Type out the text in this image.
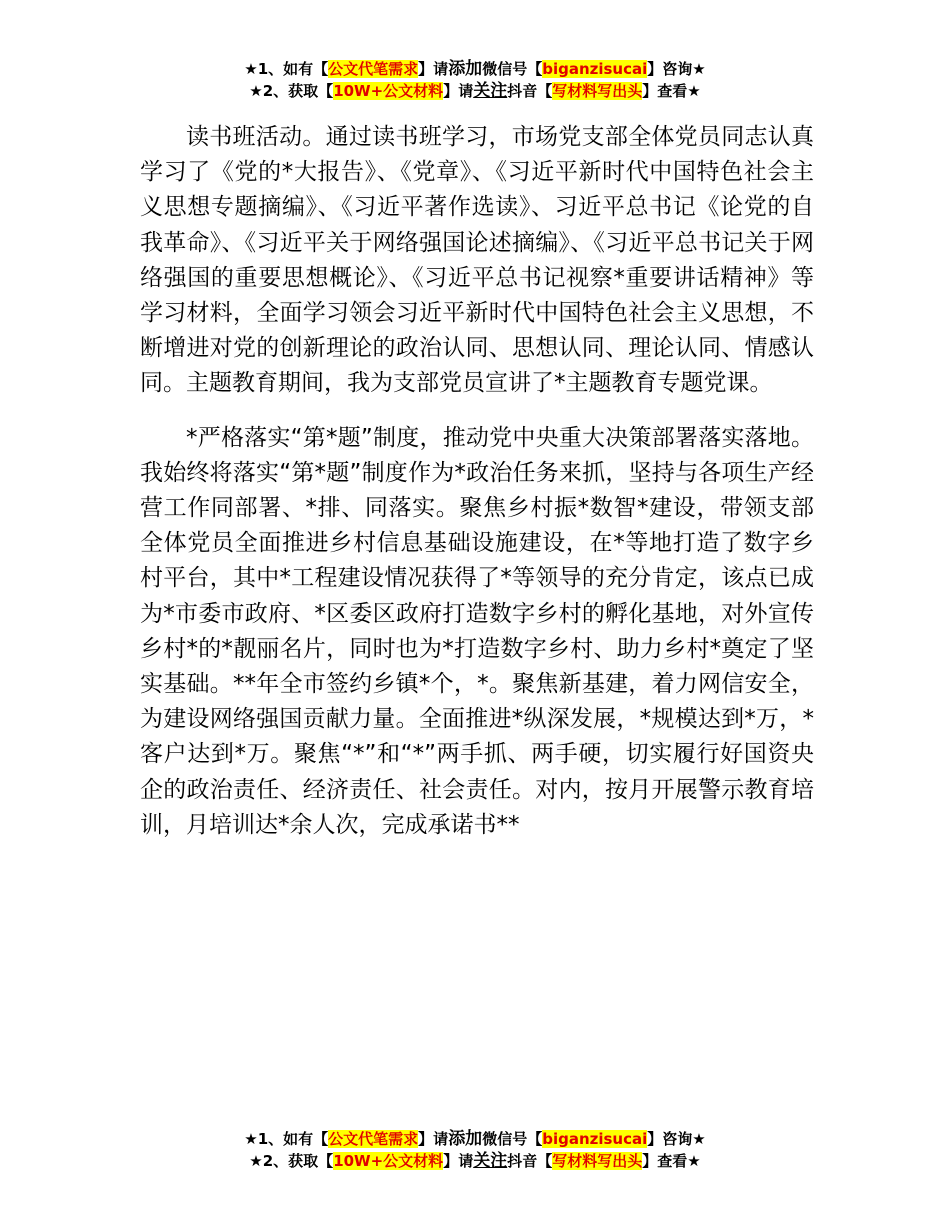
★1、如有【公文代笔需求】请添加微信号【biganzisucai】咨询★
★2、获取【10W+公文材料】请关注抖音【写材料写出头】查看★

读书班活动。通过读书班学习，市场党支部全体党员同志认真学习了《党的*大报告》、《党章》、《习近平新时代中国特色社会主义思想专题摘编》、《习近平著作选读》、习近平总书记《论党的自我革命》、《习近平关于网络强国论述摘编》、《习近平总书记关于网络强国的重要思想概论》、《习近平总书记视察*重要讲话精神》等学习材料，全面学习领会习近平新时代中国特色社会主义思想，不断增进对党的创新理论的政治认同、思想认同、理论认同、情感认同。主题教育期间，我为支部党员宣讲了*主题教育专题党课。

*严格落实“第*题”制度，推动党中央重大决策部署落实落地。我始终将落实“第*题”制度作为*政治任务来抓，坚持与各项生产经营工作同部署、*排、同落实。聚焦乡村振*数智*建设，带领支部全体党员全面推进乡村信息基础设施建设，在*等地打造了数字乡村平台，其中*工程建设情况获得了*等领导的充分肯定，该点已成为*市委市政府、*区委区政府打造数字乡村的孵化基地，对外宣传乡村*的*靓丽名片，同时也为*打造数字乡村、助力乡村*奠定了坚实基础。**年全市签约乡镇*个，*。聚焦新基建，着力网信安全，为建设网络强国贡献力量。全面推进*纵深发展，*规模达到*万，*客户达到*万。聚焦“*”和“*”两手抓、两手硬，切实履行好国资央企的政治责任、经济责任、社会责任。对内，按月开展警示教育培训，月培训达*余人次，完成承诺书**

★1、如有【公文代笔需求】请添加微信号【biganzisucai】咨询★
★2、获取【10W+公文材料】请关注抖音【写材料写出头】查看★
